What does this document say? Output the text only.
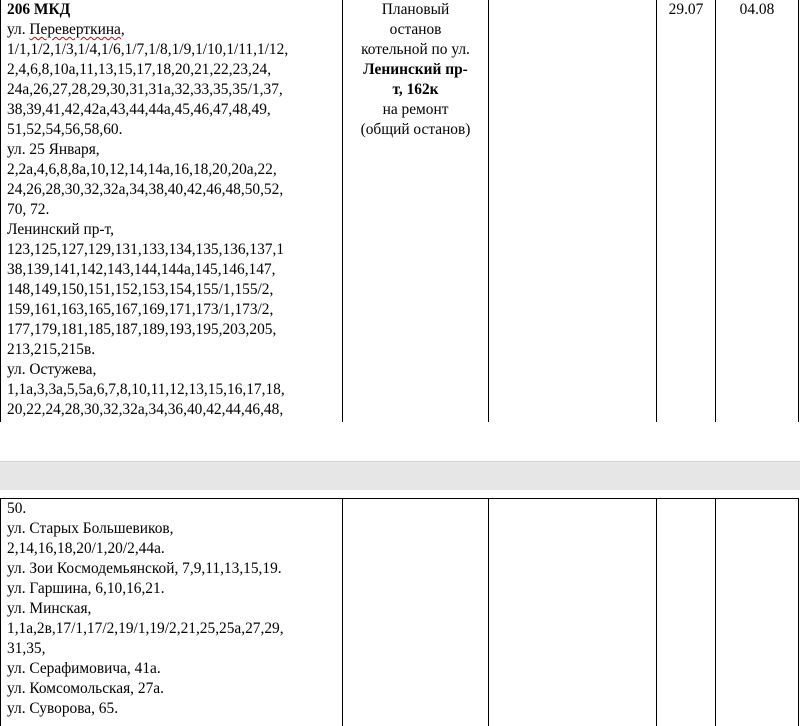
206 МКД
ул. Переверткина,
1/1,1/2,1/3,1/4,1/6,1/7,1/8,1/9,1/10,1/11,1/12,
2,4,6,8,10а,11,13,15,17,18,20,21,22,23,24,
24а,26,27,28,29,30,31,31а,32,33,35,35/1,37,
38,39,41,42,42а,43,44,44а,45,46,47,48,49,
51,52,54,56,58,60.
ул. 25 Января,
2,2а,4,6,8,8а,10,12,14,14а,16,18,20,20а,22,
24,26,28,30,32,32а,34,38,40,42,46,48,50,52,
70, 72.
Ленинский пр-т,
123,125,127,129,131,133,134,135,136,137,1
38,139,141,142,143,144,144а,145,146,147,
148,149,150,151,152,153,154,155/1,155/2,
159,161,163,165,167,169,171,173/1,173/2,
177,179,181,185,187,189,193,195,203,205,
213,215,215в.
ул. Остужева,
1,1а,3,3а,5,5а,6,7,8,10,11,12,13,15,16,17,18,
20,22,24,28,30,32,32а,34,36,40,42,44,46,48,

Плановый
останов
котельной по ул.
Ленинский пр-
т, 162к
на ремонт
(общий останов)

29.07	04.08
50.
ул. Старых Большевиков,
2,14,16,18,20/1,20/2,44а.
ул. Зои Космодемьянской, 7,9,11,13,15,19.
ул. Гаршина, 6,10,16,21.
ул. Минская,
1,1а,2в,17/1,17/2,19/1,19/2,21,25,25а,27,29,
31,35,
ул. Серафимовича, 41а.
ул. Комсомольская, 27а.
ул. Суворова, 65.
